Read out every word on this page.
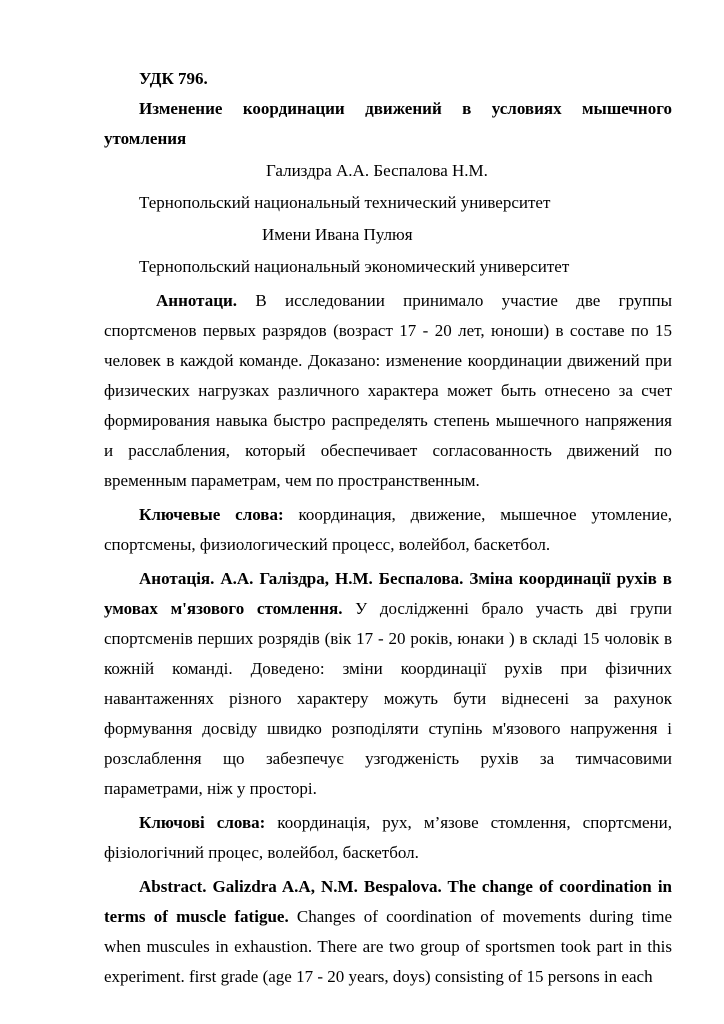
УДК 796.

Изменение координации движений в условиях мышечного утомления

Гализдра А.А. Беспалова Н.М.

Тернопольский национальный технический университет

Имени Ивана Пулюя

Тернопольский национальный экономический университет

Аннотаци. В исследовании принимало участие две группы спортсменов первых разрядов (возраст 17 - 20 лет, юноши) в составе по 15 человек в каждой команде. Доказано: изменение координации движений при физических нагрузках различного характера может быть отнесено за счет формирования навыка быстро распределять степень мышечного напряжения и расслабления, который обеспечивает согласованность движений по временным параметрам, чем по пространственным.

Ключевые слова: координация, движение, мышечное утомление, спортсмены, физиологический процесс, волейбол, баскетбол.

Анотація. А.А. Галіздра, Н.М. Беспалова. Зміна координації рухів в умовах м'язового стомлення. У дослідженні брало участь дві групи спортсменів перших розрядів (вік 17 - 20 років, юнаки ) в складі 15 чоловік в кожній команді. Доведено: зміни координації рухів при фізичних навантаженнях різного характеру можуть бути віднесені за рахунок формування досвіду швидко розподіляти ступінь м'язового напруження і розслаблення що забезпечує узгодженість рухів за тимчасовими параметрами, ніж у просторі.

Ключові слова: координація, рух, м’язове стомлення, спортсмени, фізіологічний процес, волейбол, баскетбол.

Abstract. Galizdra A.A, N.M. Bespalova. The change of coordination in terms of muscle fatigue. Changes of coordination of movements during time when muscules in exhaustion. There are two group of sportsmen took part in this experiment. first grade (age 17 - 20 years, doys) consisting of 15 persons in each
